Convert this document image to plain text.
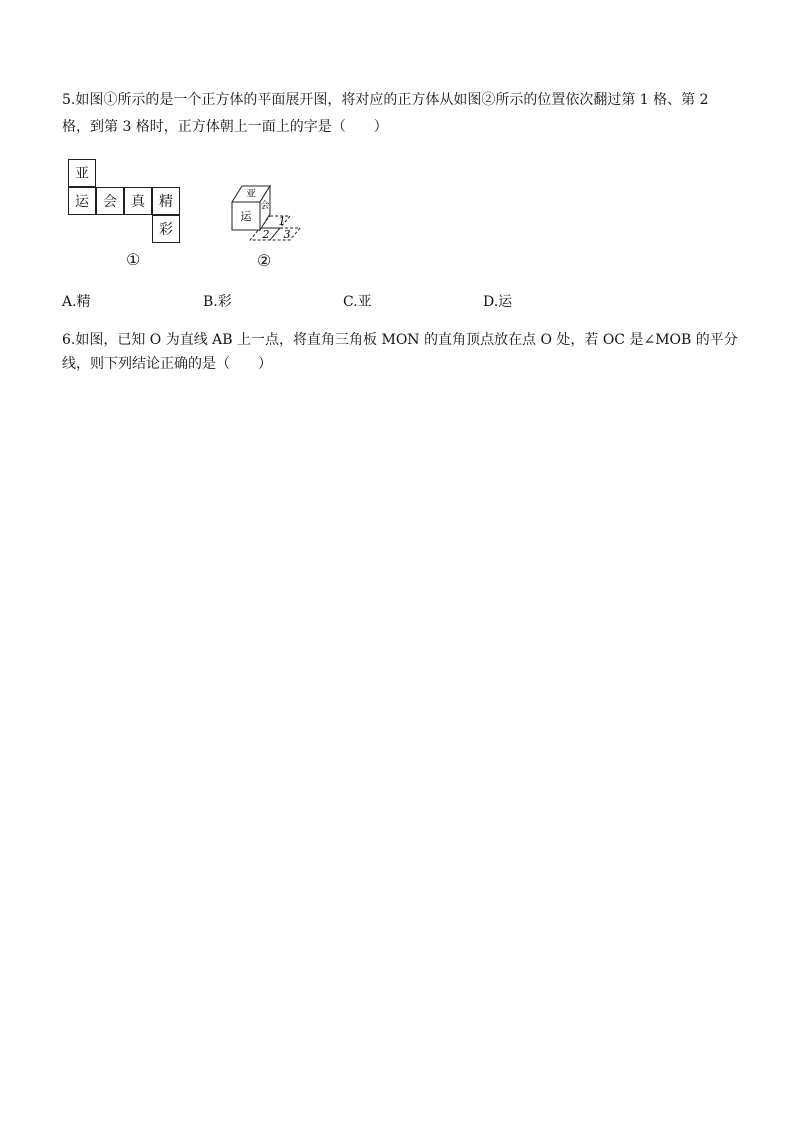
5.如图①所示的是一个正方体的平面展开图，将对应的正方体从如图②所示的位置依次翻过第 1 格、第 2
格，到第 3 格时，正方体朝上一面上的字是（　　）
亚
运	会	真	精
彩
①
运
亚
会
1
2 3
②
A.精	B.彩	C.亚	D.运
6.如图，已知 O 为直线 AB 上一点，将直角三角板 MON 的直角顶点放在点 O 处，若 OC 是∠MOB 的平分
线，则下列结论正确的是（　　）
